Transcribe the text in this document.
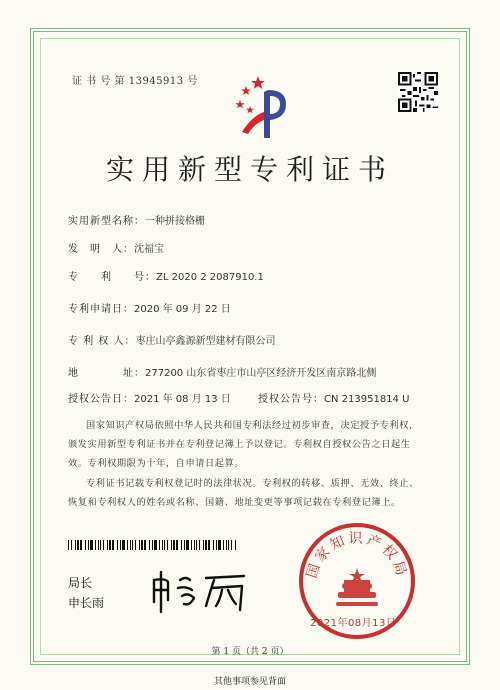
证 书 号 第 13945913 号
实用新型专利证书
实用新型名称：一种拼接格栅
发　明　人：沈福宝
专　　利　　号：ZL 2020 2 2087910.1
专利申请日：2020 年 09 月 22 日
专 利 权 人：枣庄山亭鑫源新型建材有限公司
地　　　　址：277200 山东省枣庄市山亭区经济开发区南京路北侧
授权公告日：2021 年 08 月 13 日	授权公告号：CN 213951814 U
国家知识产权局依照中华人民共和国专利法经过初步审查，决定授予专利权，颁发实用新型专利证书并在专利登记簿上予以登记。专利权自授权公告之日起生效。专利权期限为十年，自申请日起算。
专利证书记载专利权登记时的法律状况。专利权的转移、质押、无效、终止、恢复和专利权人的姓名或名称、国籍、地址变更等事项记载在专利登记簿上。
局长
申长雨
国家知识产权局
2021年08月13日
第 1 页（共 2 页）
其他事项参见背面
